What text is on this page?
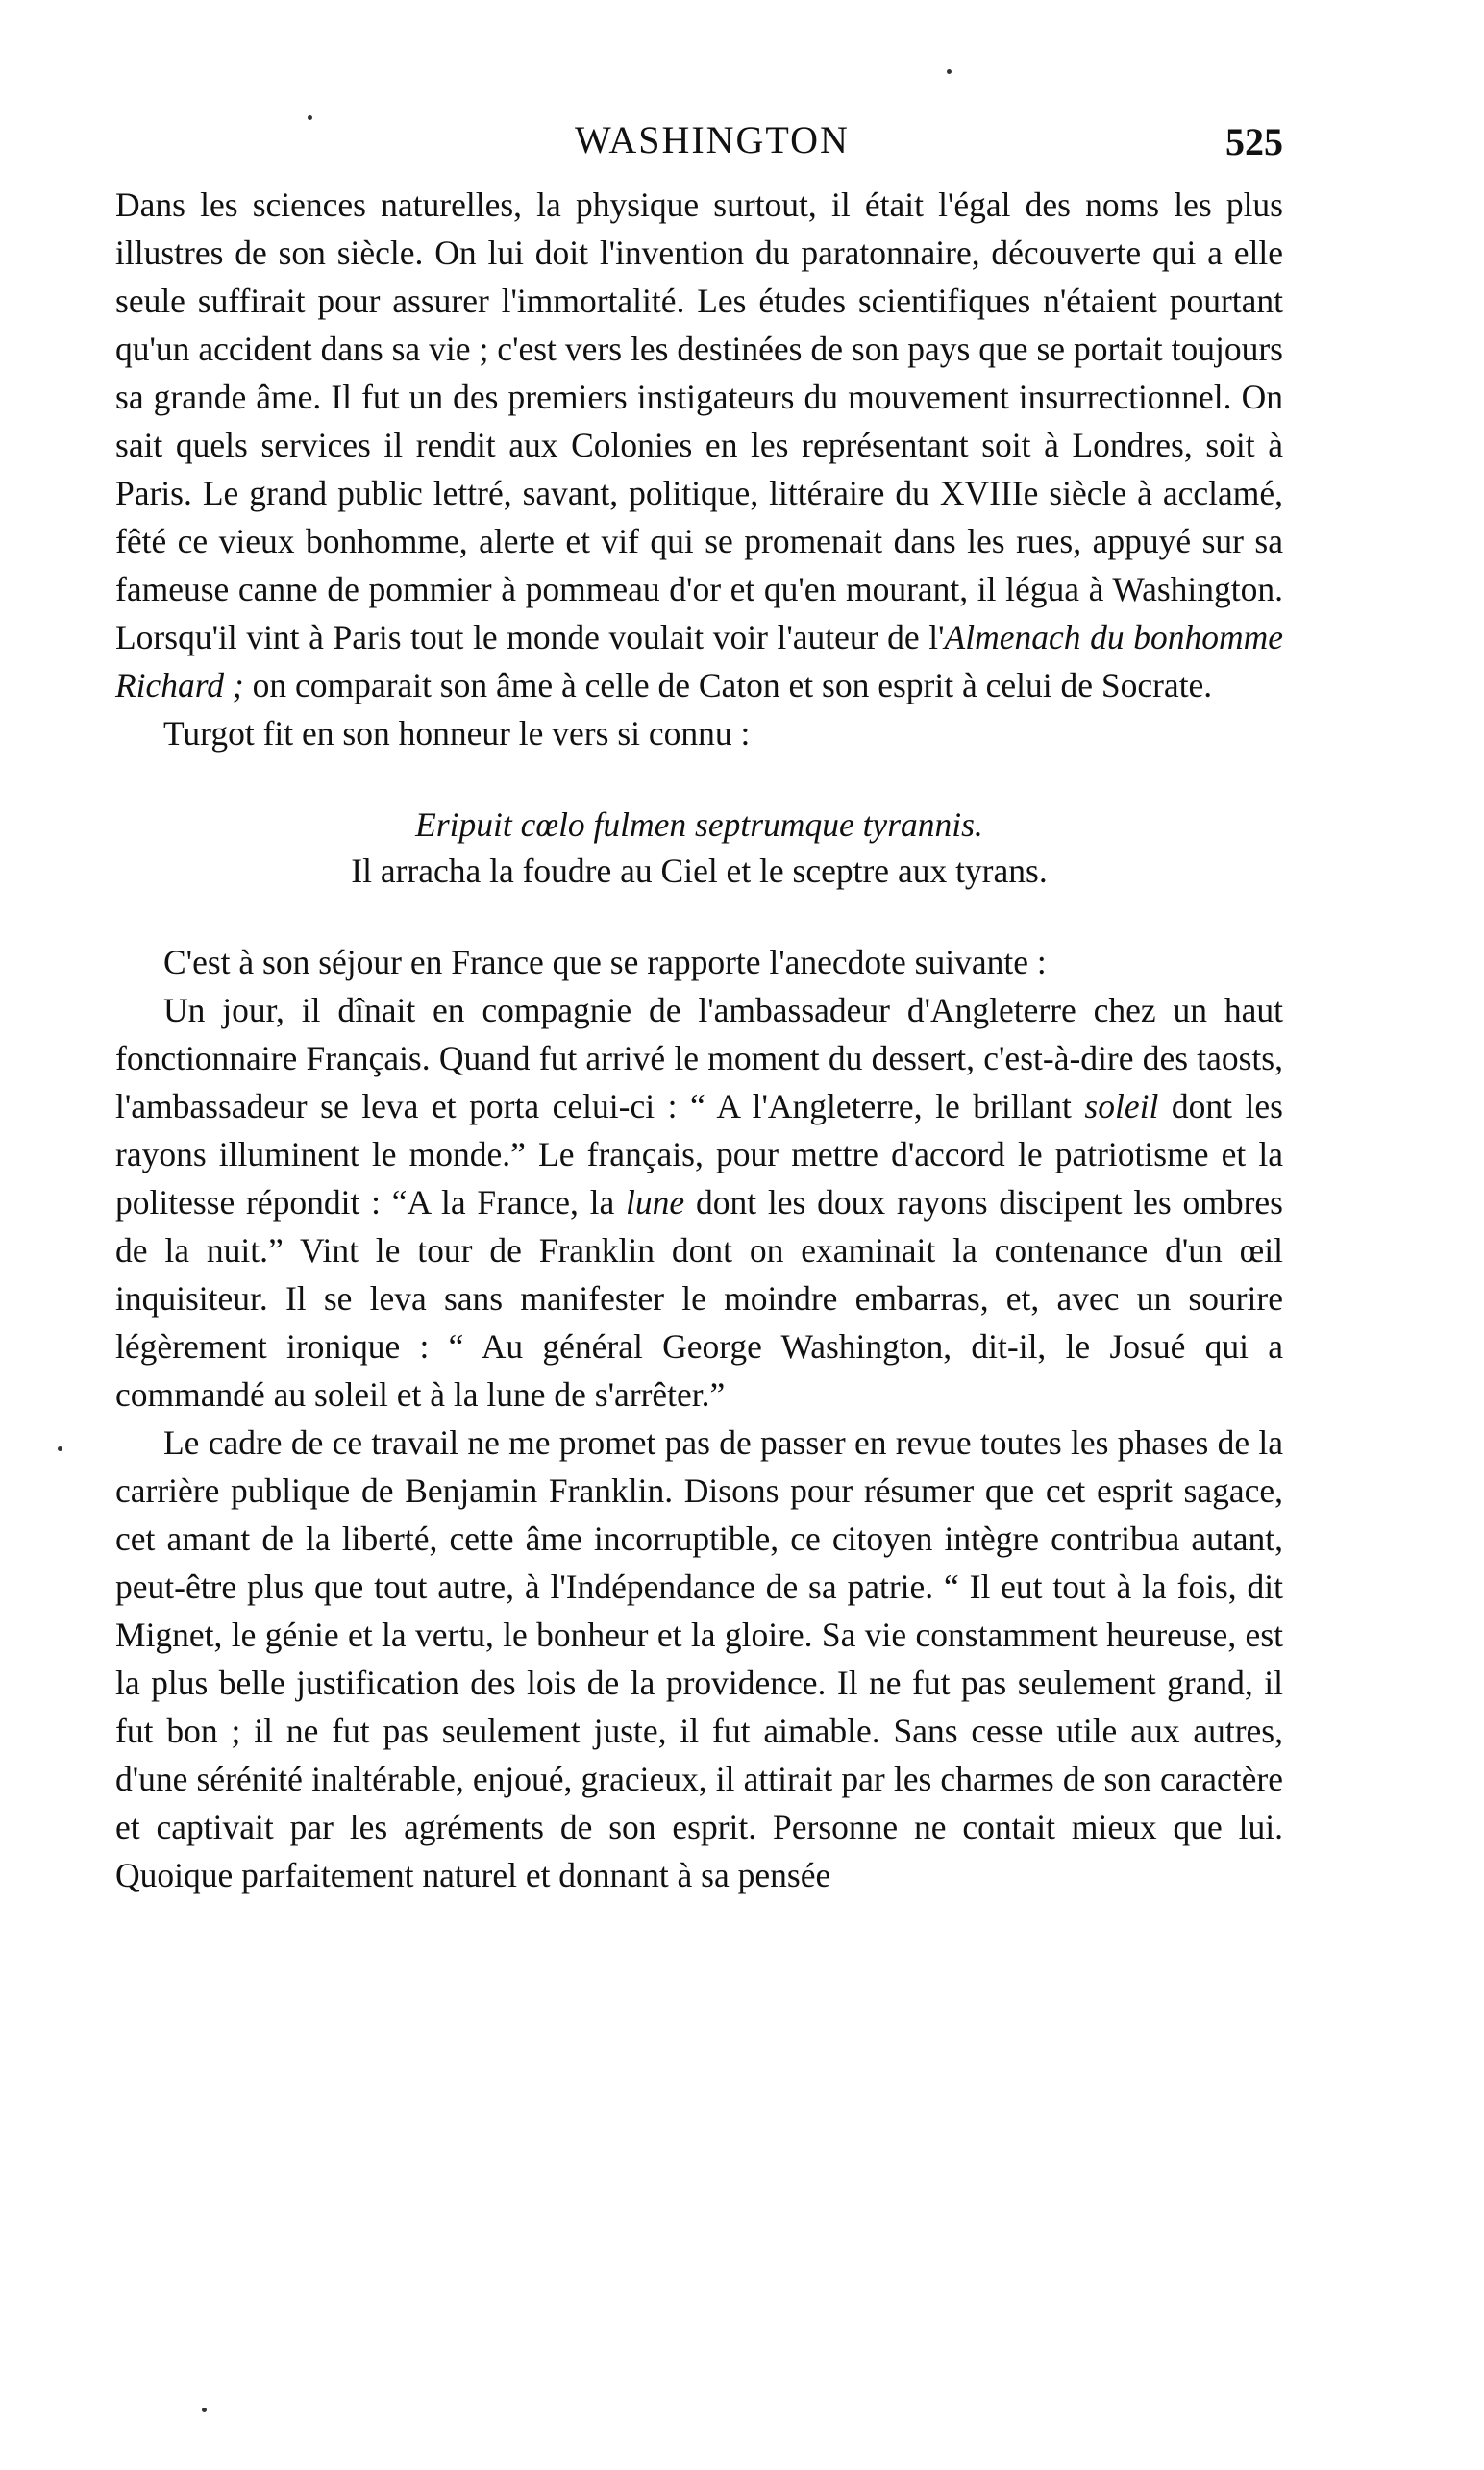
WASHINGTON	525

Dans les sciences naturelles, la physique surtout, il était l'égal des noms les plus illustres de son siècle. On lui doit l'invention du paratonnaire, découverte qui a elle seule suffirait pour assurer l'immortalité. Les études scientifiques n'étaient pourtant qu'un accident dans sa vie ; c'est vers les destinées de son pays que se portait toujours sa grande âme. Il fut un des premiers instigateurs du mouvement insurrectionnel. On sait quels services il rendit aux Colonies en les représentant soit à Londres, soit à Paris. Le grand public lettré, savant, politique, littéraire du XVIIIe siècle à acclamé, fêté ce vieux bonhomme, alerte et vif qui se promenait dans les rues, appuyé sur sa fameuse canne de pommier à pommeau d'or et qu'en mourant, il légua à Washington. Lorsqu'il vint à Paris tout le monde voulait voir l'auteur de l'Almenach du bonhomme Richard ; on comparait son âme à celle de Caton et son esprit à celui de Socrate.

Turgot fit en son honneur le vers si connu :

Eripuit cœlo fulmen septrumque tyrannis.
Il arracha la foudre au Ciel et le sceptre aux tyrans.

C'est à son séjour en France que se rapporte l'anecdote suivante :

Un jour, il dînait en compagnie de l'ambassadeur d'Angleterre chez un haut fonctionnaire Français. Quand fut arrivé le moment du dessert, c'est-à-dire des taosts, l'ambassadeur se leva et porta celui-ci : “ A l'Angleterre, le brillant soleil dont les rayons illuminent le monde.” Le français, pour mettre d'accord le patriotisme et la politesse répondit : “A la France, la lune dont les doux rayons discipent les ombres de la nuit.” Vint le tour de Franklin dont on examinait la contenance d'un œil inquisiteur. Il se leva sans manifester le moindre embarras, et, avec un sourire légèrement ironique : “ Au général George Washington, dit-il, le Josué qui a commandé au soleil et à la lune de s'arrêter.”

Le cadre de ce travail ne me promet pas de passer en revue toutes les phases de la carrière publique de Benjamin Franklin. Disons pour résumer que cet esprit sagace, cet amant de la liberté, cette âme incorruptible, ce citoyen intègre contribua autant, peut-être plus que tout autre, à l'Indépendance de sa patrie. “ Il eut tout à la fois, dit Mignet, le génie et la vertu, le bonheur et la gloire. Sa vie constamment heureuse, est la plus belle justification des lois de la providence. Il ne fut pas seulement grand, il fut bon ; il ne fut pas seulement juste, il fut aimable. Sans cesse utile aux autres, d'une sérénité inaltérable, enjoué, gracieux, il attirait par les charmes de son caractère et captivait par les agréments de son esprit. Personne ne contait mieux que lui. Quoique parfaitement naturel et donnant à sa pensée
